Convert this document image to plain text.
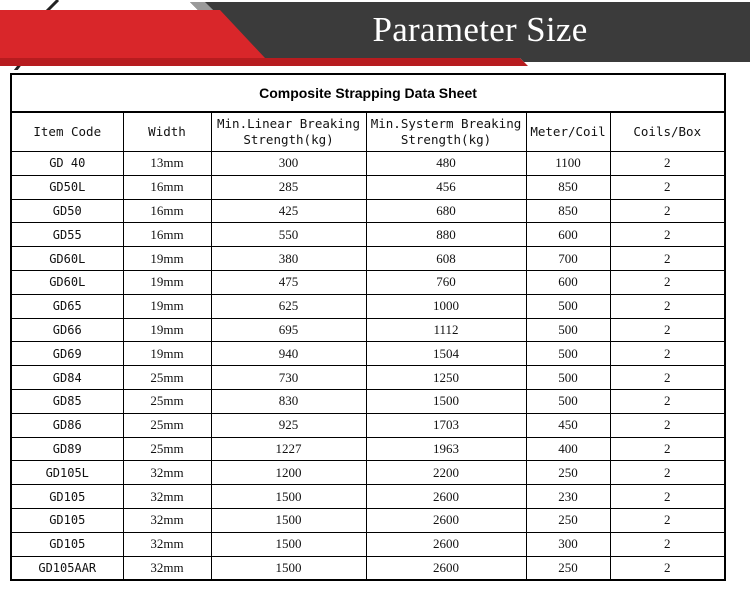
Parameter Size
Composite Strapping Data Sheet
Item Code	Width	Min.Linear Breaking Strength(kg)	Min.Systerm Breaking Strength(kg)	Meter/Coil	Coils/Box
GD 40	13mm	300	480	1100	2
GD50L	16mm	285	456	850	2
GD50	16mm	425	680	850	2
GD55	16mm	550	880	600	2
GD60L	19mm	380	608	700	2
GD60L	19mm	475	760	600	2
GD65	19mm	625	1000	500	2
GD66	19mm	695	1112	500	2
GD69	19mm	940	1504	500	2
GD84	25mm	730	1250	500	2
GD85	25mm	830	1500	500	2
GD86	25mm	925	1703	450	2
GD89	25mm	1227	1963	400	2
GD105L	32mm	1200	2200	250	2
GD105	32mm	1500	2600	230	2
GD105	32mm	1500	2600	250	2
GD105	32mm	1500	2600	300	2
GD105AAR	32mm	1500	2600	250	2
